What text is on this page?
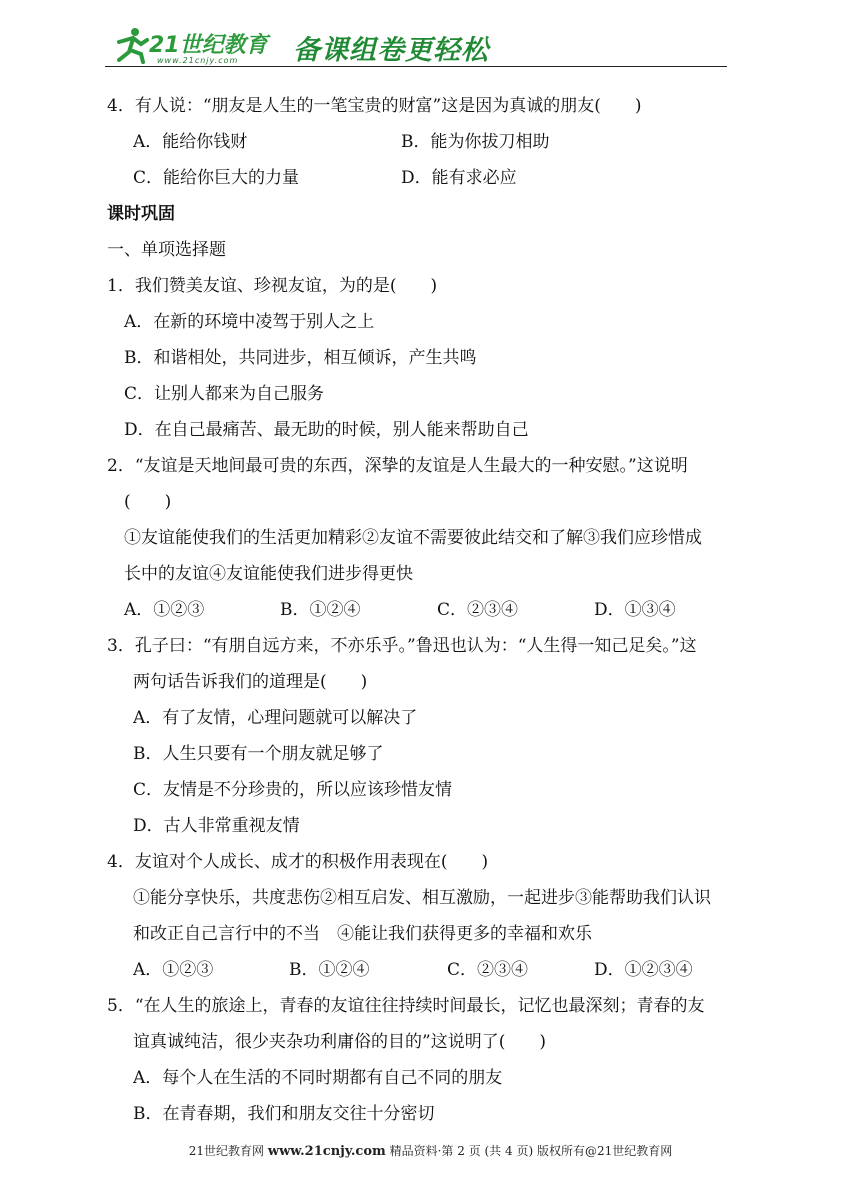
21世纪教育
www.21cnjy.com 备课组卷更轻松
4．有人说：“朋友是人生的一笔宝贵的财富”这是因为真诚的朋友(　　)
A．能给你钱财	B．能为你拔刀相助
C．能给你巨大的力量	D．能有求必应
课时巩固
一、单项选择题
1．我们赞美友谊、珍视友谊，为的是(　　)
A．在新的环境中凌驾于别人之上
B．和谐相处，共同进步，相互倾诉，产生共鸣
C．让别人都来为自己服务
D．在自己最痛苦、最无助的时候，别人能来帮助自己
2．“友谊是天地间最可贵的东西，深挚的友谊是人生最大的一种安慰。”这说明
(　　)
①友谊能使我们的生活更加精彩②友谊不需要彼此结交和了解③我们应珍惜成
长中的友谊④友谊能使我们进步得更快
A．①②③	B．①②④	C．②③④	D．①③④
3．孔子曰：“有朋自远方来，不亦乐乎。”鲁迅也认为：“人生得一知己足矣。”这
两句话告诉我们的道理是(　　)
A．有了友情，心理问题就可以解决了
B．人生只要有一个朋友就足够了
C．友情是不分珍贵的，所以应该珍惜友情
D．古人非常重视友情
4．友谊对个人成长、成才的积极作用表现在(　　)
①能分享快乐，共度悲伤②相互启发、相互激励，一起进步③能帮助我们认识
和改正自己言行中的不当　④能让我们获得更多的幸福和欢乐
A．①②③	B．①②④	C．②③④	D．①②③④
5．“在人生的旅途上，青春的友谊往往持续时间最长，记忆也最深刻；青春的友
谊真诚纯洁，很少夹杂功利庸俗的目的”这说明了(　　)
A．每个人在生活的不同时期都有自己不同的朋友
B．在青春期，我们和朋友交往十分密切
21世纪教育网 www.21cnjy.com 精品资料·第 2 页 (共 4 页) 版权所有@21世纪教育网
